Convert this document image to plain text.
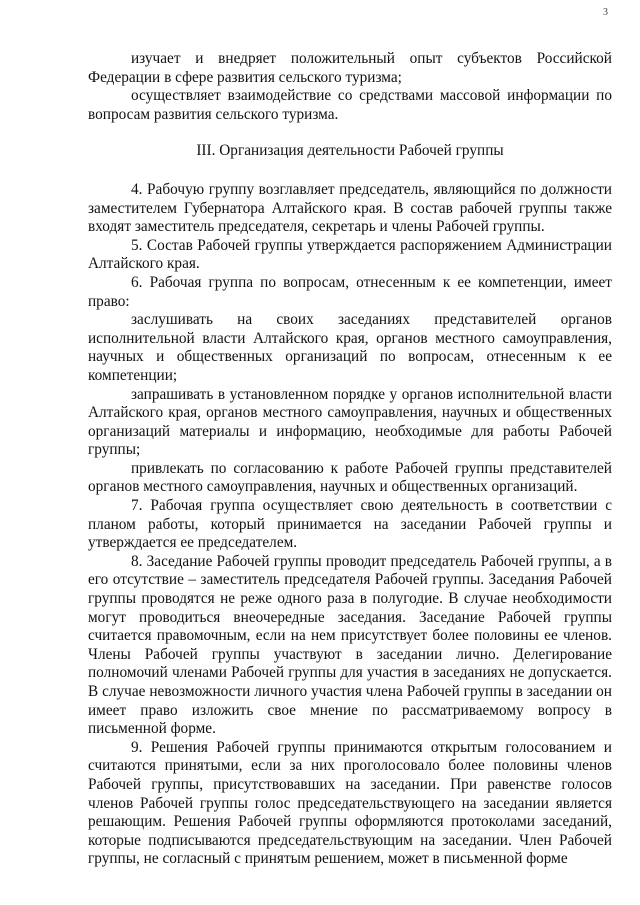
3

изучает и внедряет положительный опыт субъектов Российской Федерации в сфере развития сельского туризма;

осуществляет взаимодействие со средствами массовой информации по вопросам развития сельского туризма.

III. Организация деятельности Рабочей группы

4. Рабочую группу возглавляет председатель, являющийся по должности заместителем Губернатора Алтайского края. В состав рабочей группы также входят заместитель председателя, секретарь и члены Рабочей группы.

5. Состав Рабочей группы утверждается распоряжением Администрации Алтайского края.

6. Рабочая группа по вопросам, отнесенным к ее компетенции, имеет право:

заслушивать на своих заседаниях представителей органов исполнительной власти Алтайского края, органов местного самоуправления, научных и общественных организаций по вопросам, отнесенным к ее компетенции;

запрашивать в установленном порядке у органов исполнительной власти Алтайского края, органов местного самоуправления, научных и общественных организаций материалы и информацию, необходимые для работы Рабочей группы;

привлекать по согласованию к работе Рабочей группы представителей органов местного самоуправления, научных и общественных организаций.

7. Рабочая группа осуществляет свою деятельность в соответствии с планом работы, который принимается на заседании Рабочей группы и утверждается ее председателем.

8. Заседание Рабочей группы проводит председатель Рабочей группы, а в его отсутствие – заместитель председателя Рабочей группы. Заседания Рабочей группы проводятся не реже одного раза в полугодие. В случае необходимости могут проводиться внеочередные заседания. Заседание Рабочей группы считается правомочным, если на нем присутствует более половины ее членов. Члены Рабочей группы участвуют в заседании лично. Делегирование полномочий членами Рабочей группы для участия в заседаниях не допускается. В случае невозможности личного участия члена Рабочей группы в заседании он имеет право изложить свое мнение по рассматриваемому вопросу в письменной форме.

9. Решения Рабочей группы принимаются открытым голосованием и считаются принятыми, если за них проголосовало более половины членов Рабочей группы, присутствовавших на заседании. При равенстве голосов членов Рабочей группы голос председательствующего на заседании является решающим. Решения Рабочей группы оформляются протоколами заседаний, которые подписываются председательствующим на заседании. Член Рабочей группы, не согласный с принятым решением, может в письменной форме
